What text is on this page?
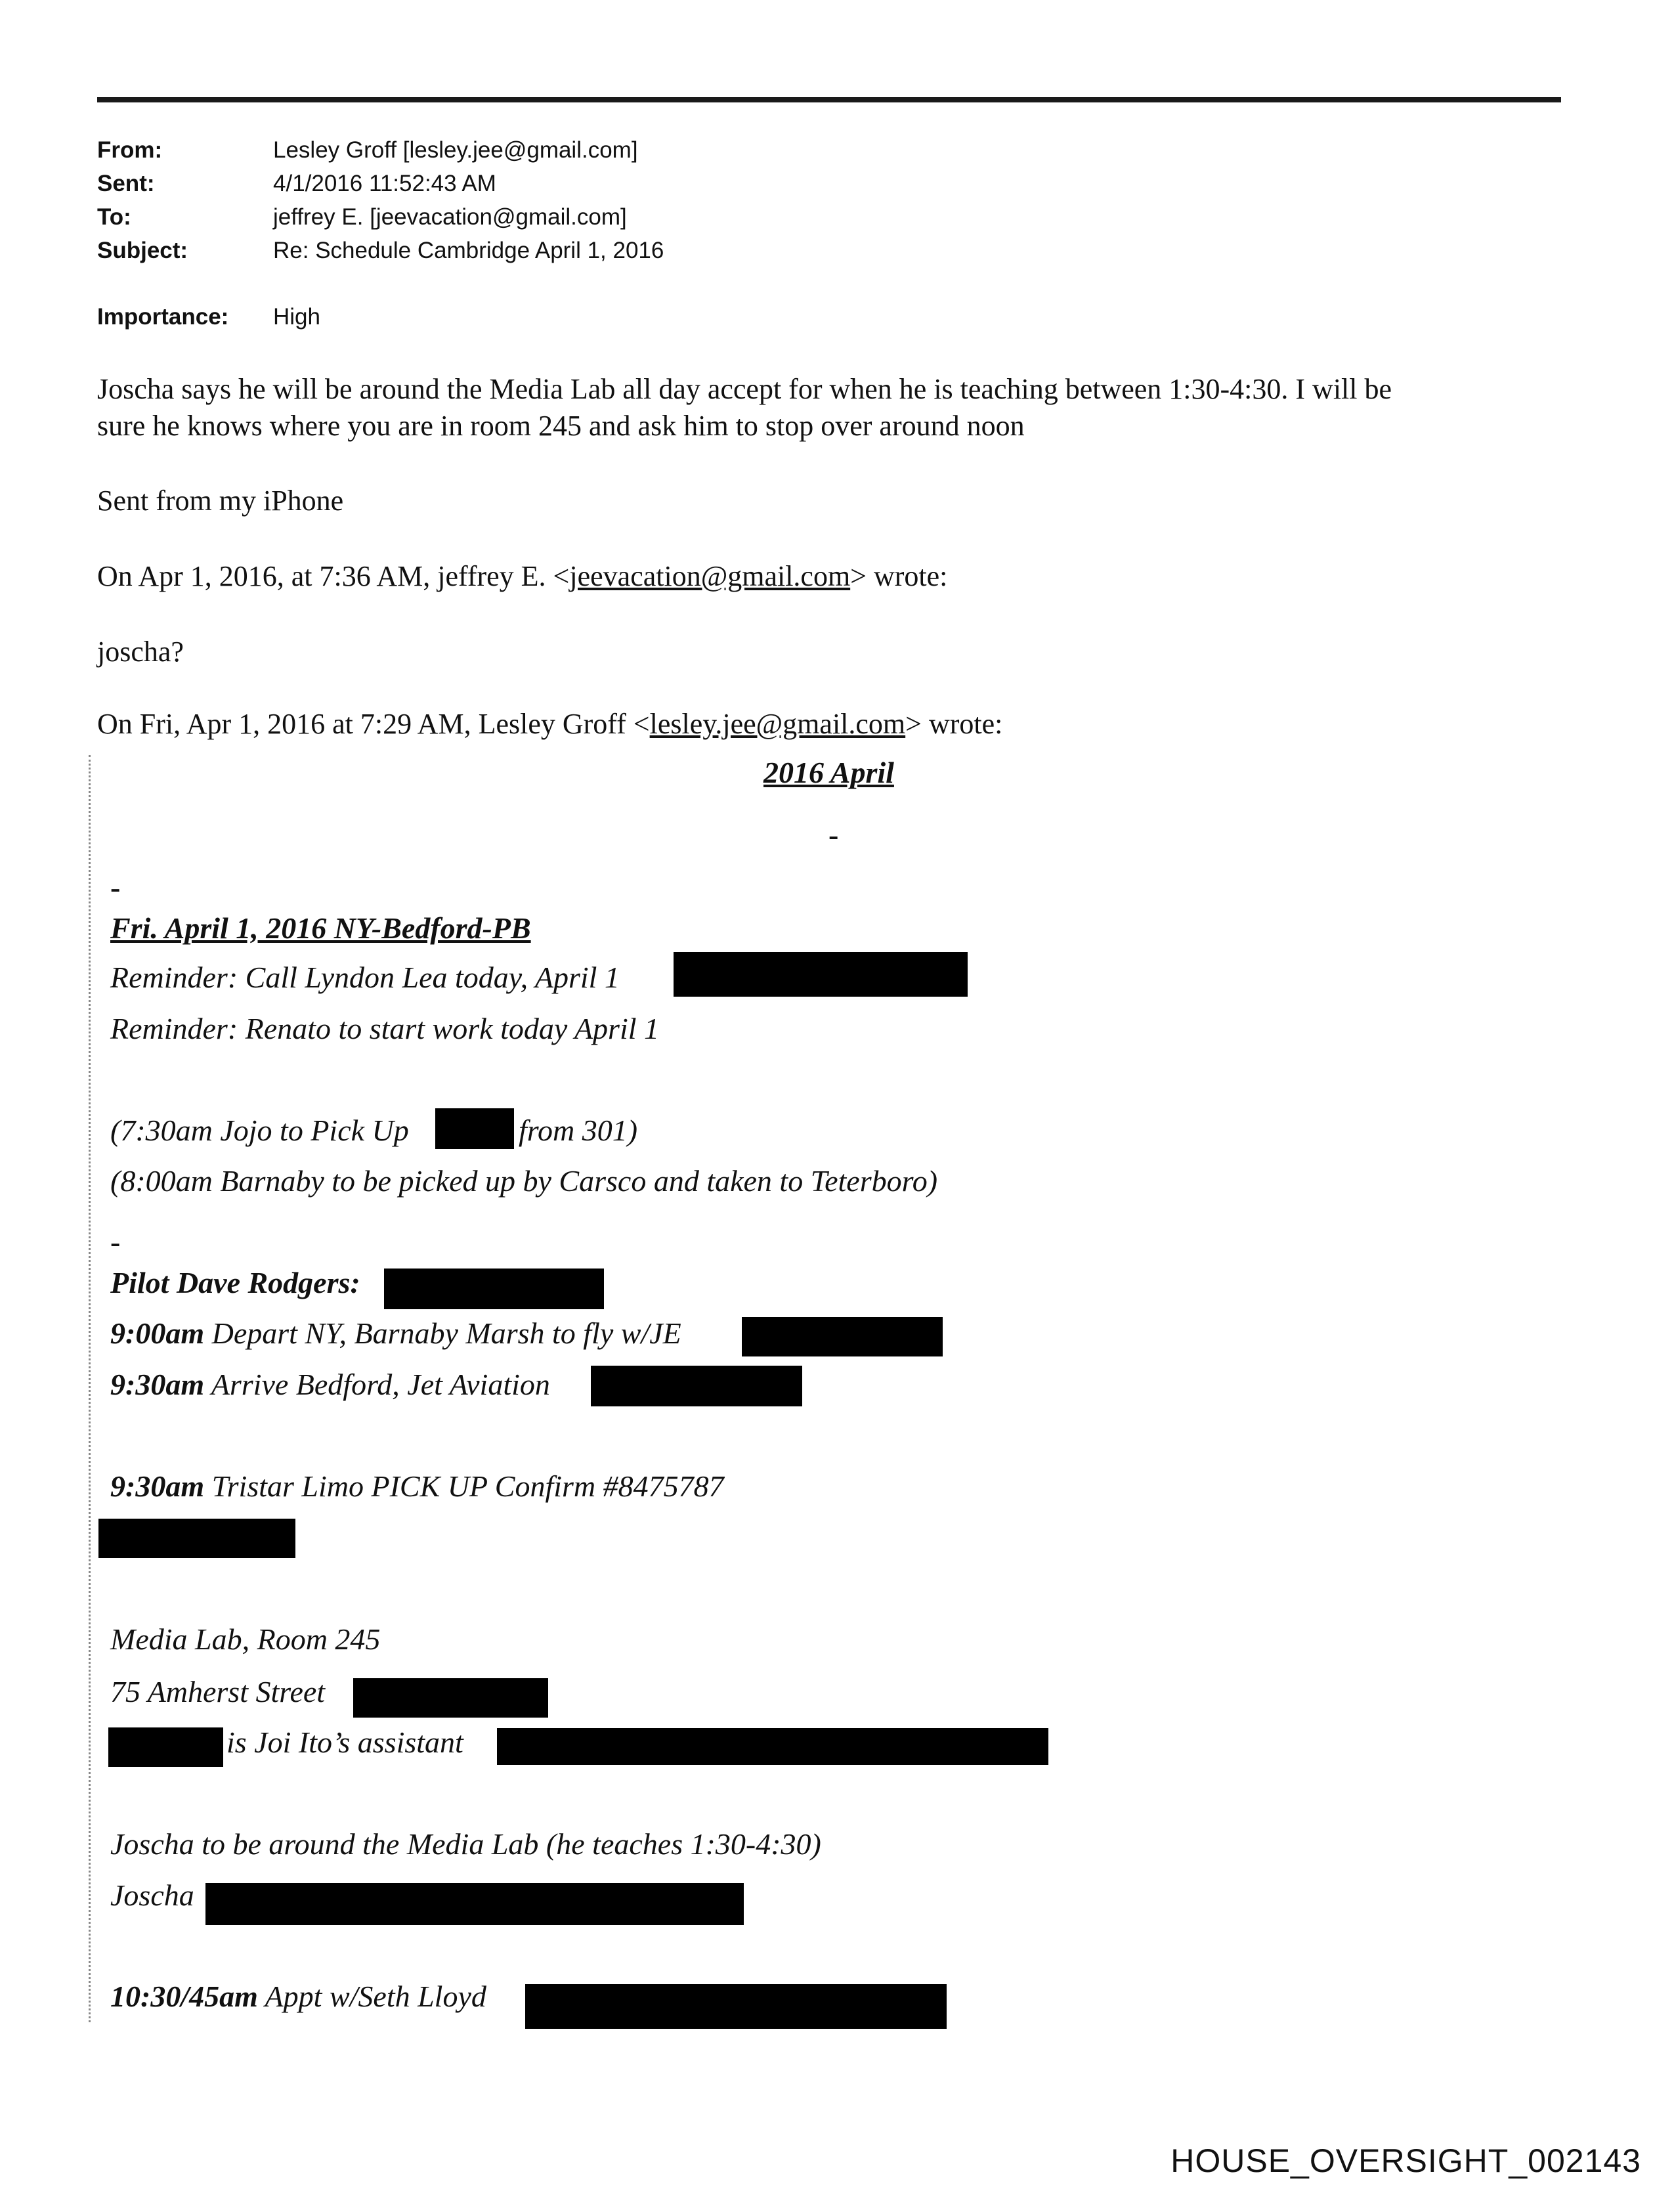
From:	Lesley Groff [lesley.jee@gmail.com]
Sent:	4/1/2016 11:52:43 AM
To:	jeffrey E. [jeevacation@gmail.com]
Subject:	Re: Schedule Cambridge April 1, 2016
Importance: High
Joscha says he will be around the Media Lab all day accept for when he is teaching between 1:30-4:30. I will be
sure he knows where you are in room 245 and ask him to stop over around noon
Sent from my iPhone
On Apr 1, 2016, at 7:36 AM, jeffrey E. <jeevacation@gmail.com> wrote:
joscha?
On Fri, Apr 1, 2016 at 7:29 AM, Lesley Groff <lesley.jee@gmail.com> wrote:
2016 April
-
-
Fri. April 1, 2016 NY-Bedford-PB
Reminder: Call Lyndon Lea today, April 1
Reminder: Renato to start work today April 1
(7:30am Jojo to Pick Up	from 301)
(8:00am Barnaby to be picked up by Carsco and taken to Teterboro)
-
Pilot Dave Rodgers:
9:00am Depart NY, Barnaby Marsh to fly w/JE
9:30am Arrive Bedford, Jet Aviation
9:30am Tristar Limo PICK UP Confirm #8475787
Media Lab, Room 245
75 Amherst Street
is Joi Ito’s assistant
Joscha to be around the Media Lab (he teaches 1:30-4:30)
Joscha
10:30/45am Appt w/Seth Lloyd
HOUSE_OVERSIGHT_002143
